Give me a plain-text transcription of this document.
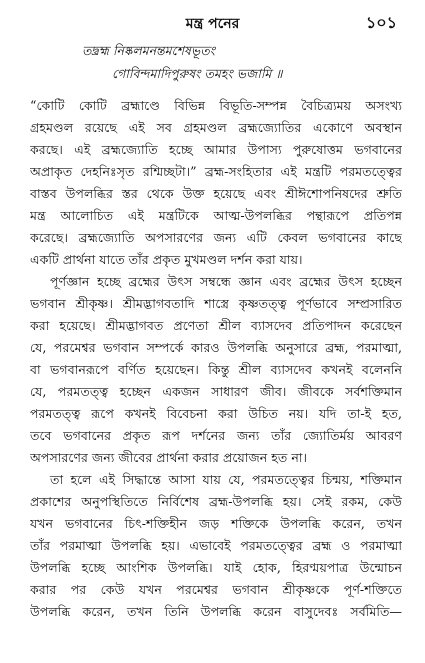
মন্ত্র পনের	১০১
তদ্ব্রহ্ম নিষ্কলমনন্তমশেষভূতং
গোবিন্দমাদিপুরুষং তমহং ভজামি ॥
“কোটি কোটি ব্রহ্মাণ্ডে বিভিন্ন বিভূতি-সম্পন্ন বৈচিত্র্যময় অসংখ্য
গ্রহমণ্ডল রয়েছে এই সব গ্রহমণ্ডল ব্রহ্মজ্যোতির একোণে অবস্থান
করছে। এই ব্রহ্মজ্যোতি হচ্ছে আমার উপাস্য পুরুষোত্তম ভগবানের
অপ্রাকৃত দেহনিঃসৃত রশ্মিচ্ছটা।” ব্রহ্ম-সংহিতার এই মন্ত্রটি পরমতত্ত্বের
বাস্তব উপলব্ধির স্তর থেকে উক্ত হয়েছে এবং শ্রীঈশোপনিষদের শ্রুতি
মন্ত্র আলোচিত এই মন্ত্রটিকে আত্ম-উপলব্ধির পন্থারূপে প্রতিপন্ন
করেছে। ব্রহ্মজ্যোতি অপসারণের জন্য এটি কেবল ভগবানের কাছে
একটি প্রার্থনা যাতে তাঁর প্রকৃত মুখমণ্ডল দর্শন করা যায়।
পূর্ণজ্ঞান হচ্ছে ব্রহ্মের উৎস সম্বন্ধে জ্ঞান এবং ব্রহ্মের উৎস হচ্ছেন
ভগবান শ্রীকৃষ্ণ। শ্রীমদ্ভাগবতাদি শাস্ত্রে কৃষ্ণতত্ত্ব পূর্ণভাবে সম্প্রসারিত
করা হয়েছে। শ্রীমদ্ভাগবত প্রণেতা শ্রীল ব্যাসদেব প্রতিপাদন করেছেন
যে, পরমেশ্বর ভগবান সম্পর্কে কারও উপলব্ধি অনুসারে ব্রহ্ম, পরমাত্মা,
বা ভগবানরূপে বর্ণিত হয়েছেন। কিন্তু শ্রীল ব্যাসদেব কখনই বলেননি
যে, পরমতত্ত্ব হচ্ছেন একজন সাধারণ জীব। জীবকে সর্বশক্তিমান
পরমতত্ত্ব রূপে কখনই বিবেচনা করা উচিত নয়। যদি তা-ই হত,
তবে ভগবানের প্রকৃত রূপ দর্শনের জন্য তাঁর জ্যোতির্ময় আবরণ
অপসারণের জন্য জীবের প্রার্থনা করার প্রয়োজন হত না।
তা হলে এই সিদ্ধান্তে আসা যায় যে, পরমতত্ত্বের চিন্ময়, শক্তিমান
প্রকাশের অনুপস্থিতিতে নির্বিশেষ ব্রহ্ম-উপলব্ধি হয়। সেই রকম, কেউ
যখন ভগবানের চিৎ-শক্তিহীন জড় শক্তিকে উপলব্ধি করেন, তখন
তাঁর পরমাত্মা উপলব্ধি হয়। এভাবেই পরমতত্ত্বের ব্রহ্ম ও পরমাত্মা
উপলব্ধি হচ্ছে আংশিক উপলব্ধি। যাই হোক, হিরণ্ময়পাত্র উন্মোচন
করার পর কেউ যখন পরমেশ্বর ভগবান শ্রীকৃষ্ণকে পূর্ণ-শক্তিতে
উপলব্ধি করেন, তখন তিনি উপলব্ধি করেন বাসুদেবঃ সর্বমিতি—
